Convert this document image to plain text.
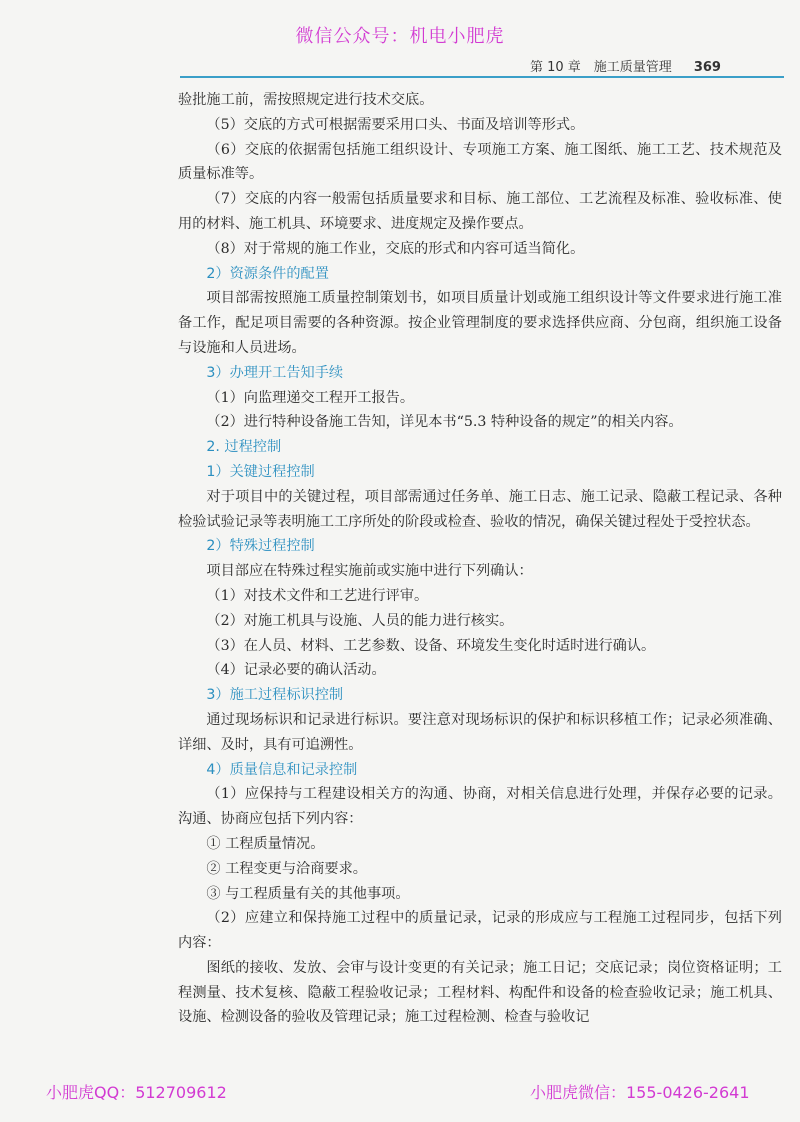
微信公众号：机电小肥虎
第 10 章　施工质量管理 369

验批施工前，需按照规定进行技术交底。

（5）交底的方式可根据需要采用口头、书面及培训等形式。

（6）交底的依据需包括施工组织设计、专项施工方案、施工图纸、施工工艺、技术规范及质量标准等。

（7）交底的内容一般需包括质量要求和目标、施工部位、工艺流程及标准、验收标准、使用的材料、施工机具、环境要求、进度规定及操作要点。

（8）对于常规的施工作业，交底的形式和内容可适当简化。

2）资源条件的配置

项目部需按照施工质量控制策划书，如项目质量计划或施工组织设计等文件要求进行施工准备工作，配足项目需要的各种资源。按企业管理制度的要求选择供应商、分包商，组织施工设备与设施和人员进场。

3）办理开工告知手续

（1）向监理递交工程开工报告。

（2）进行特种设备施工告知，详见本书“5.3 特种设备的规定”的相关内容。

2. 过程控制

1）关键过程控制

对于项目中的关键过程，项目部需通过任务单、施工日志、施工记录、隐蔽工程记录、各种检验试验记录等表明施工工序所处的阶段或检查、验收的情况，确保关键过程处于受控状态。

2）特殊过程控制

项目部应在特殊过程实施前或实施中进行下列确认：

（1）对技术文件和工艺进行评审。

（2）对施工机具与设施、人员的能力进行核实。

（3）在人员、材料、工艺参数、设备、环境发生变化时适时进行确认。

（4）记录必要的确认活动。

3）施工过程标识控制

通过现场标识和记录进行标识。要注意对现场标识的保护和标识移植工作；记录必须准确、详细、及时，具有可追溯性。

4）质量信息和记录控制

（1）应保持与工程建设相关方的沟通、协商，对相关信息进行处理，并保存必要的记录。沟通、协商应包括下列内容：

① 工程质量情况。

② 工程变更与洽商要求。

③ 与工程质量有关的其他事项。

（2）应建立和保持施工过程中的质量记录，记录的形成应与工程施工过程同步，包括下列内容：

图纸的接收、发放、会审与设计变更的有关记录；施工日记；交底记录；岗位资格证明；工程测量、技术复核、隐蔽工程验收记录；工程材料、构配件和设备的检查验收记录；施工机具、设施、检测设备的验收及管理记录；施工过程检测、检查与验收记

小肥虎QQ：512709612	小肥虎微信：155-0426-2641
